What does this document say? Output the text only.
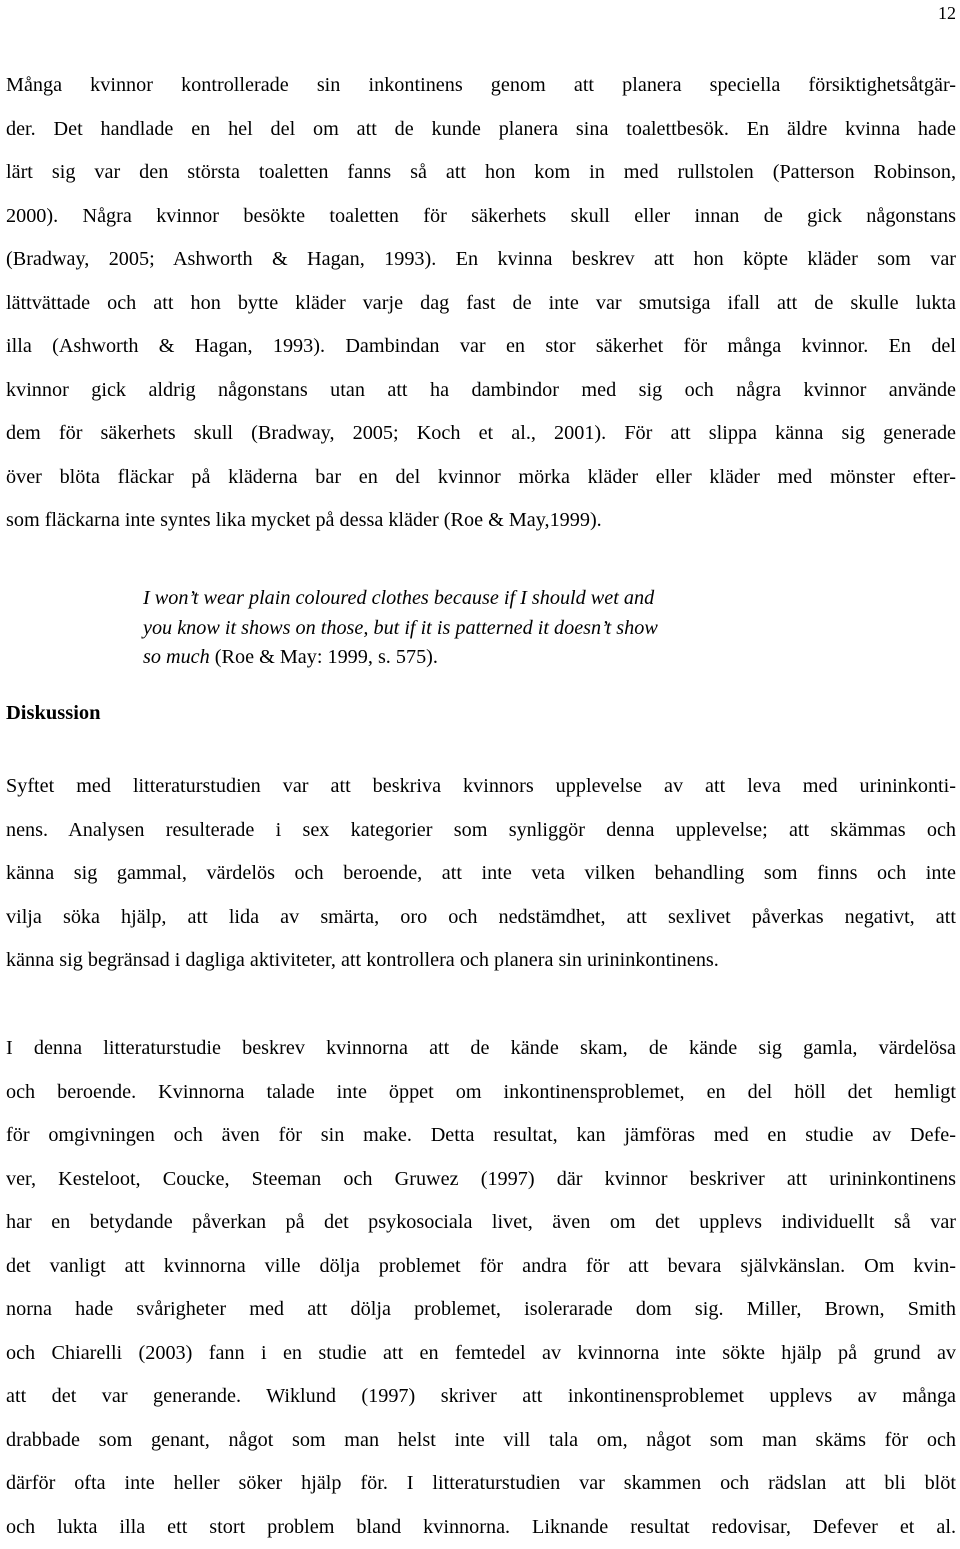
12
Många kvinnor kontrollerade sin inkontinens genom att planera speciella försiktighetsåtgär-
der. Det handlade en hel del om att de kunde planera sina toalettbesök. En äldre kvinna hade
lärt sig var den största toaletten fanns så att hon kom in med rullstolen (Patterson Robinson,
2000). Några kvinnor besökte toaletten för säkerhets skull eller innan de gick någonstans
(Bradway, 2005; Ashworth & Hagan, 1993). En kvinna beskrev att hon köpte kläder som var
lättvättade och att hon bytte kläder varje dag fast de inte var smutsiga ifall att de skulle lukta
illa (Ashworth & Hagan, 1993). Dambindan var en stor säkerhet för många kvinnor. En del
kvinnor gick aldrig någonstans utan att ha dambindor med sig och några kvinnor använde
dem för säkerhets skull (Bradway, 2005; Koch et al., 2001). För att slippa känna sig generade
över blöta fläckar på kläderna bar en del kvinnor mörka kläder eller kläder med mönster efter-
som fläckarna inte syntes lika mycket på dessa kläder (Roe & May,1999).
I won’t wear plain coloured clothes because if I should wet and
you know it shows on those, but if it is patterned it doesn’t show
so much (Roe & May: 1999, s. 575).
Diskussion
Syftet med litteraturstudien var att beskriva kvinnors upplevelse av att leva med urininkonti-
nens. Analysen resulterade i sex kategorier som synliggör denna upplevelse; att skämmas och
känna sig gammal, värdelös och beroende, att inte veta vilken behandling som finns och inte
vilja söka hjälp, att lida av smärta, oro och nedstämdhet, att sexlivet påverkas negativt, att
känna sig begränsad i dagliga aktiviteter, att kontrollera och planera sin urininkontinens.
I denna litteraturstudie beskrev kvinnorna att de kände skam, de kände sig gamla, värdelösa
och beroende. Kvinnorna talade inte öppet om inkontinensproblemet, en del höll det hemligt
för omgivningen och även för sin make. Detta resultat, kan jämföras med en studie av Defe-
ver, Kesteloot, Coucke, Steeman och Gruwez (1997) där kvinnor beskriver att urininkontinens
har en betydande påverkan på det psykosociala livet, även om det upplevs individuellt så var
det vanligt att kvinnorna ville dölja problemet för andra för att bevara självkänslan. Om kvin-
norna hade svårigheter med att dölja problemet, isolerarade dom sig. Miller, Brown, Smith
och Chiarelli (2003) fann i en studie att en femtedel av kvinnorna inte sökte hjälp på grund av
att det var generande. Wiklund (1997) skriver att inkontinensproblemet upplevs av många
drabbade som genant, något som man helst inte vill tala om, något som man skäms för och
därför ofta inte heller söker hjälp för. I litteraturstudien var skammen och rädslan att bli blöt
och lukta illa ett stort problem bland kvinnorna. Liknande resultat redovisar, Defever et al.
